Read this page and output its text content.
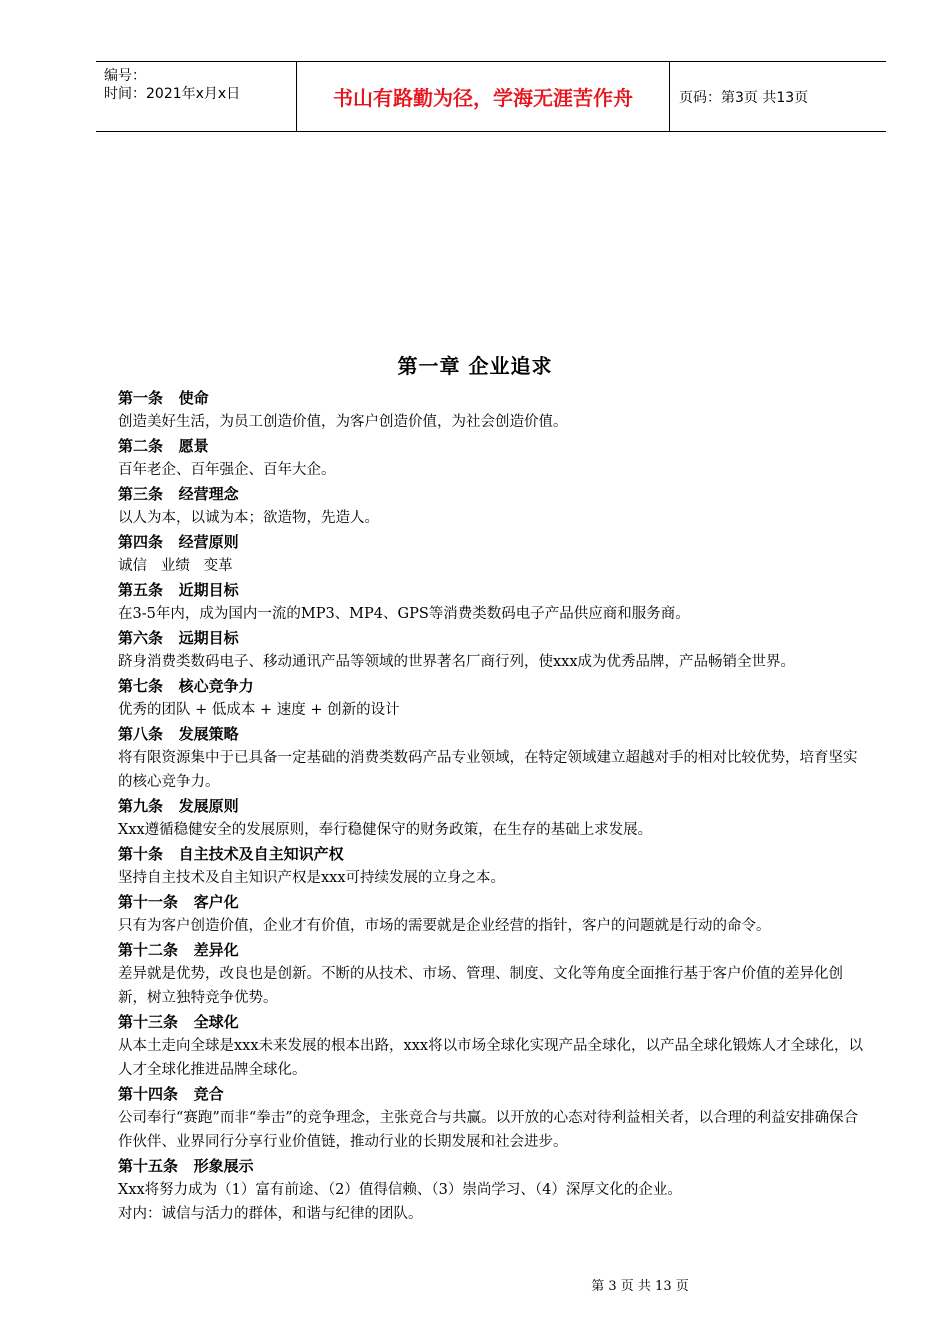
编号：
时间：2021年x月x日	书山有路勤为径，学海无涯苦作舟	页码：第3页 共13页
第一章 企业追求
第一条   使命
创造美好生活，为员工创造价值，为客户创造价值，为社会创造价值。
第二条   愿景
百年老企、百年强企、百年大企。
第三条   经营理念
以人为本，以诚为本；欲造物，先造人。
第四条   经营原则
诚信   业绩   变革
第五条   近期目标
在3-5年内，成为国内一流的MP3、MP4、GPS等消费类数码电子产品供应商和服务商。
第六条   远期目标
跻身消费类数码电子、移动通讯产品等领域的世界著名厂商行列，使xxx成为优秀品牌，产品畅销全世界。
第七条   核心竞争力
优秀的团队 + 低成本 + 速度 + 创新的设计
第八条   发展策略
将有限资源集中于已具备一定基础的消费类数码产品专业领域，在特定领域建立超越对手的相对比较优势，培育坚实的核心竞争力。
第九条   发展原则
Xxx遵循稳健安全的发展原则，奉行稳健保守的财务政策，在生存的基础上求发展。
第十条   自主技术及自主知识产权
坚持自主技术及自主知识产权是xxx可持续发展的立身之本。
第十一条   客户化
只有为客户创造价值，企业才有价值，市场的需要就是企业经营的指针，客户的问题就是行动的命令。
第十二条   差异化
差异就是优势，改良也是创新。不断的从技术、市场、管理、制度、文化等角度全面推行基于客户价值的差异化创新，树立独特竞争优势。
第十三条   全球化
从本土走向全球是xxx未来发展的根本出路，xxx将以市场全球化实现产品全球化，以产品全球化锻炼人才全球化，以人才全球化推进品牌全球化。
第十四条   竞合
公司奉行“赛跑”而非“拳击”的竞争理念，主张竞合与共赢。以开放的心态对待利益相关者，以合理的利益安排确保合作伙伴、业界同行分享行业价值链，推动行业的长期发展和社会进步。
第十五条   形象展示
Xxx将努力成为（1）富有前途、（2）值得信赖、（3）崇尚学习、（4）深厚文化的企业。
对内：诚信与活力的群体，和谐与纪律的团队。
第 3 页 共 13 页
